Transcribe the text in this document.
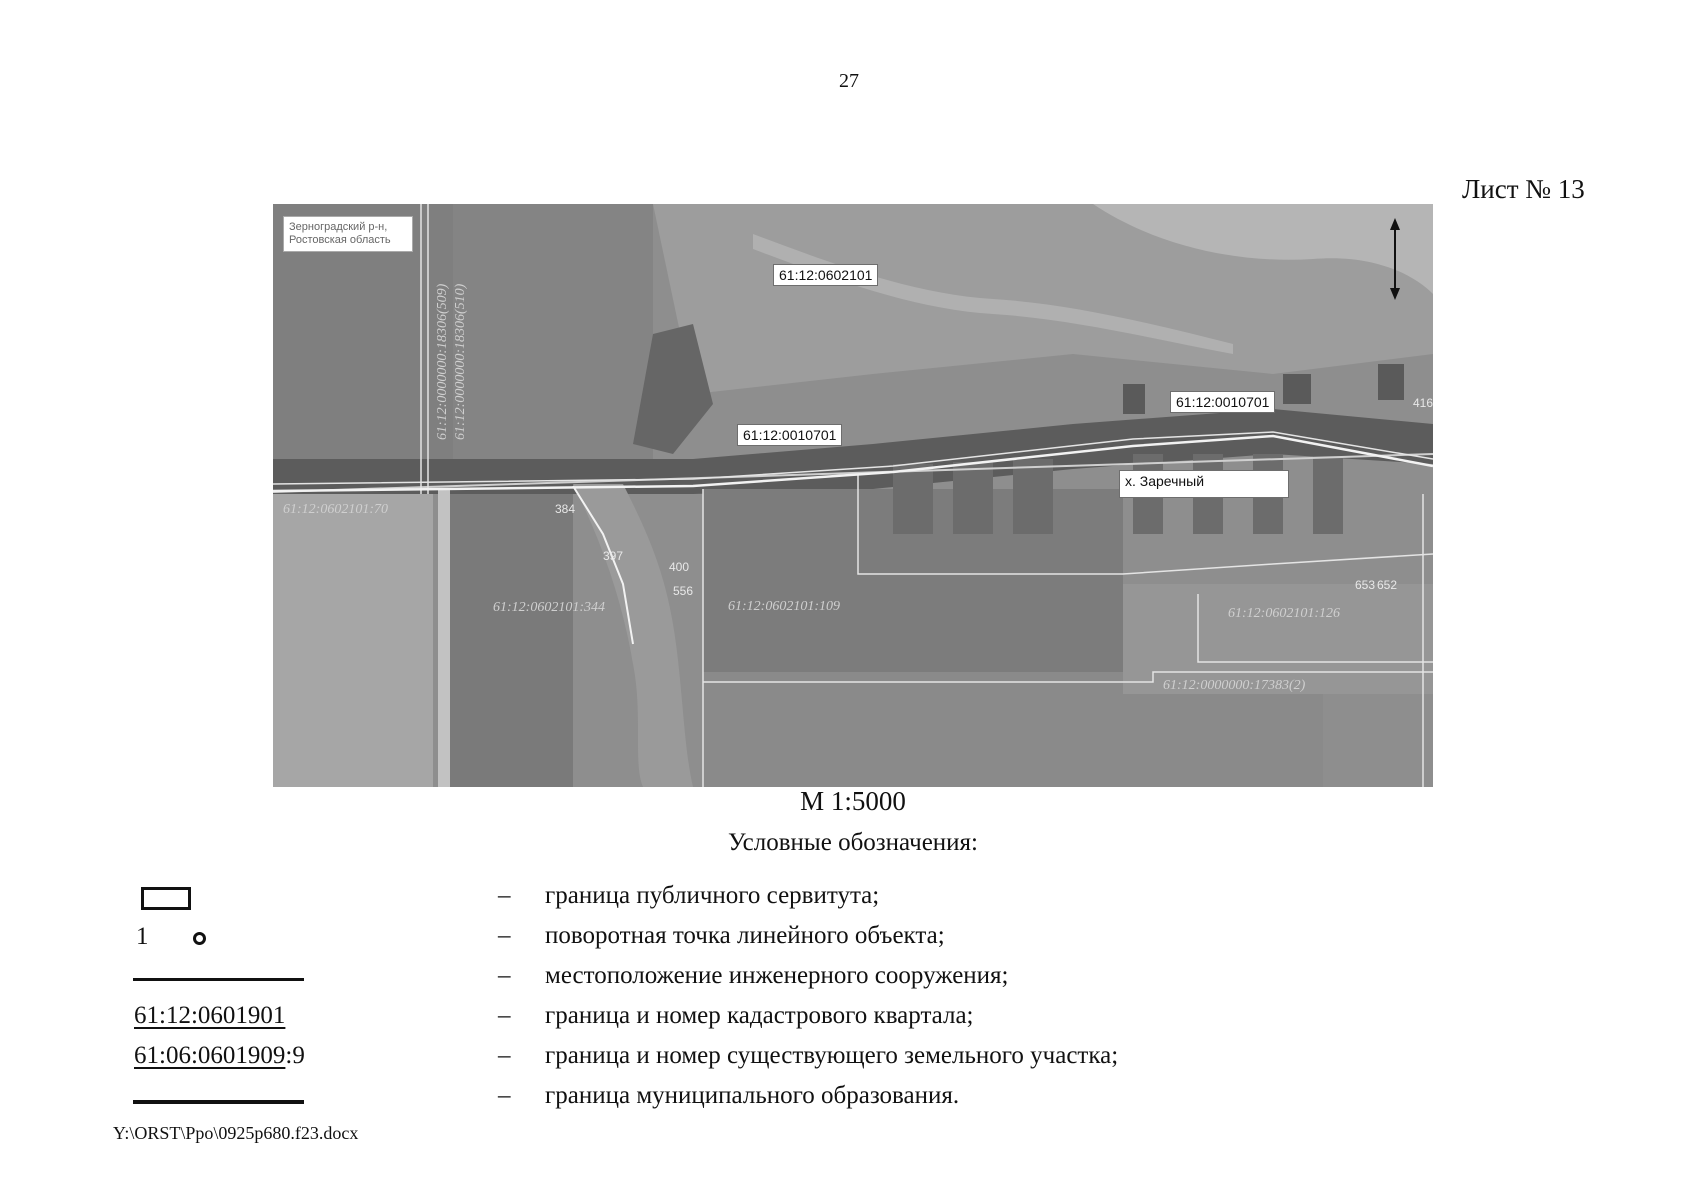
27
Лист № 13
Зерноградский р-н, Ростовская область
61:12:0602101
61:12:0010701
61:12:0010701
х. Заречный
61:12:0602101:344	61:12:0602101:109	61:12:0602101:126
61:12:0000000:17383(2)
61:12:0602101:70
61:12:0000000:18306(509) 61:12:0000000:18306(510)
400
556
397
653 652
384
416
М 1:5000
Условные обозначения:
– граница публичного сервитута;
1	– поворотная точка линейного объекта;
– местоположение инженерного сооружения;
61:12:0601901	– граница и номер кадастрового квартала;
61:06:0601909:9	– граница и номер существующего земельного участка;
– граница муниципального образования.
Y:\ORST\Ppo\0925p680.f23.docx
